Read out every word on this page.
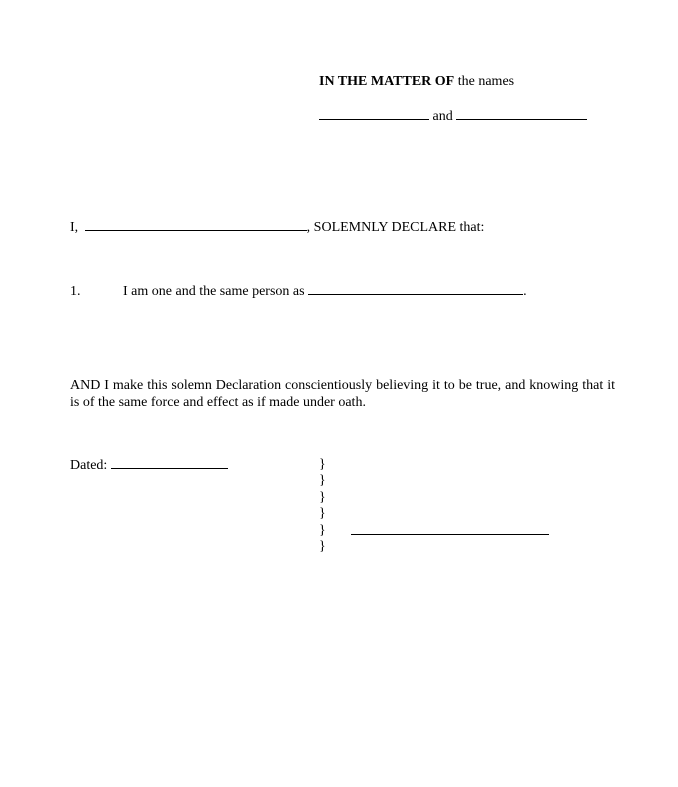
IN THE MATTER OF the names
and
I,	, SOLEMNLY DECLARE that:
1.	I am one and the same person as	.
AND I make this solemn Declaration conscientiously believing it to be true, and knowing that it is of the same force and effect as if made under oath.
Dated:	}
}
}
}
}
}
